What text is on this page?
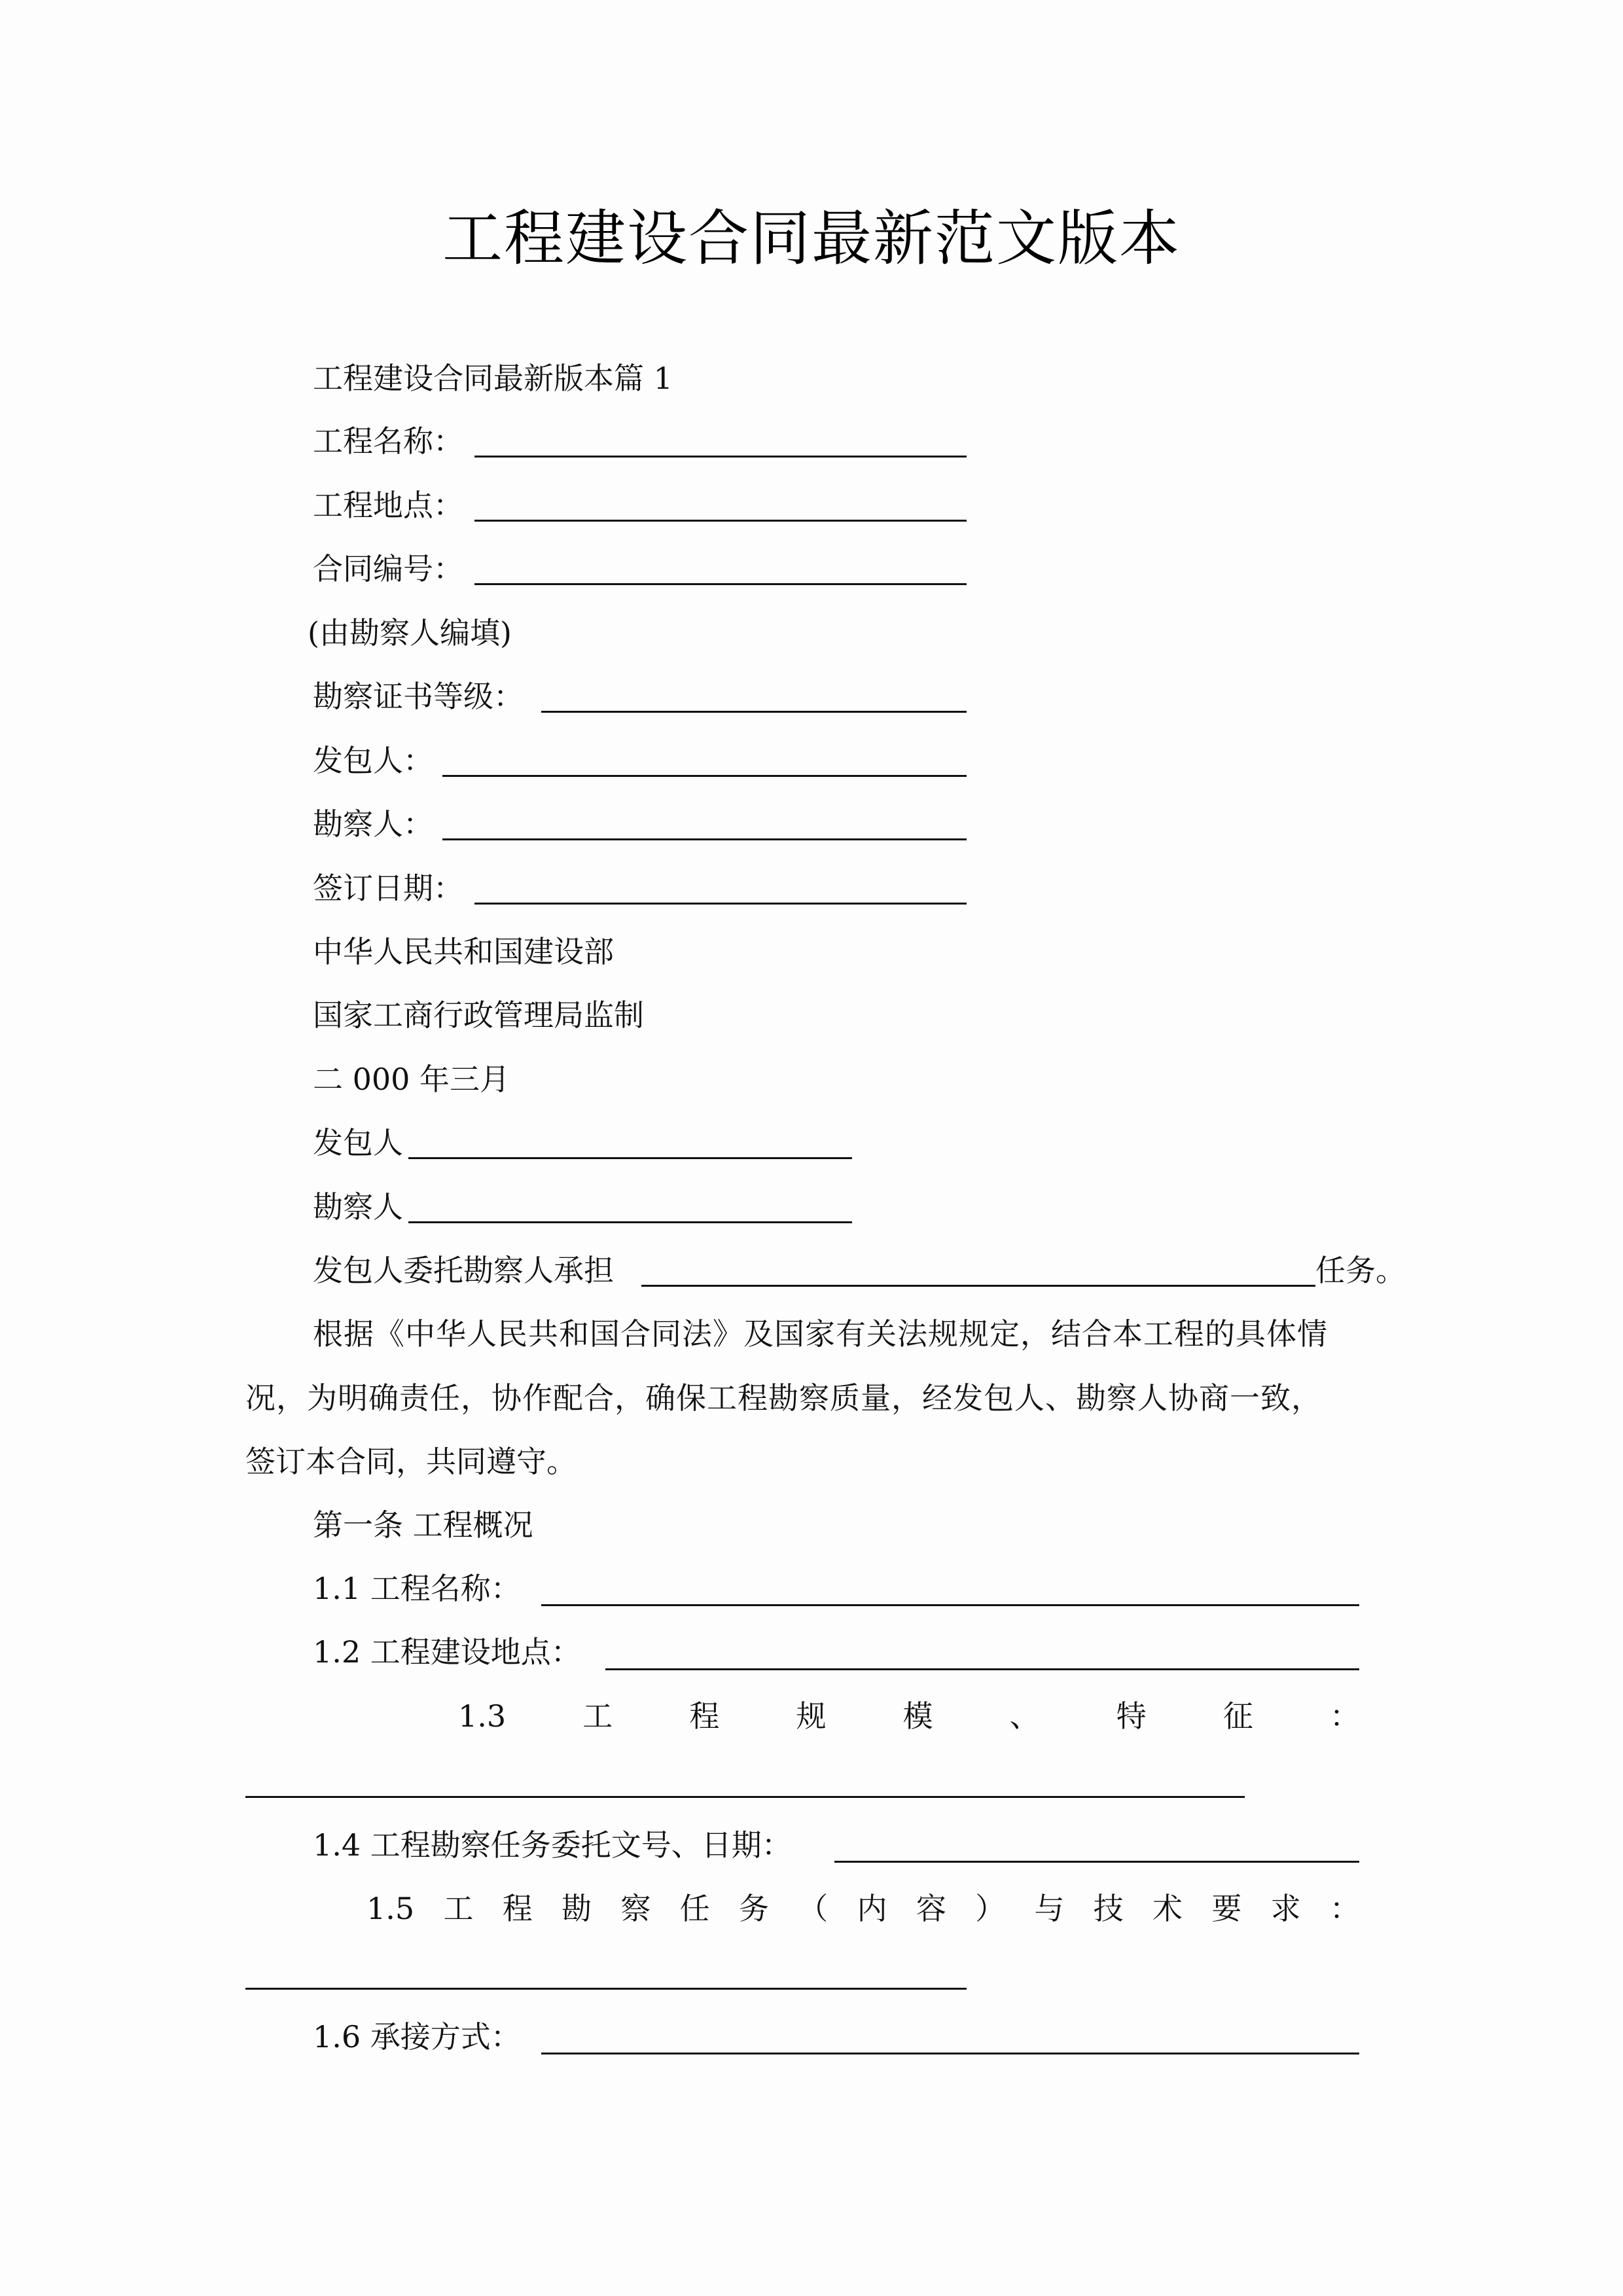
工程建设合同最新范文版本
工程建设合同最新版本篇 1
工程名称：
工程地点：
合同编号：
(由勘察人编填)
勘察证书等级：
发包人：
勘察人：
签订日期：
中华人民共和国建设部
国家工商行政管理局监制
二 000 年三月
发包人
勘察人
发包人委托勘察人承担	任务。
根据《中华人民共和国合同法》及国家有关法规规定，结合本工程的具体情
况，为明确责任，协作配合，确保工程勘察质量，经发包人、勘察人协商一致，
签订本合同，共同遵守。
第一条 工程概况
1.1 工程名称：
1.2 工程建设地点：
1.3	工	程	规	模	、	特	征	：
1.4 工程勘察任务委托文号、日期：
1.5 工 程 勘 察 任 务 （ 内 容 ） 与 技 术 要 求 ：
1.6 承接方式：
